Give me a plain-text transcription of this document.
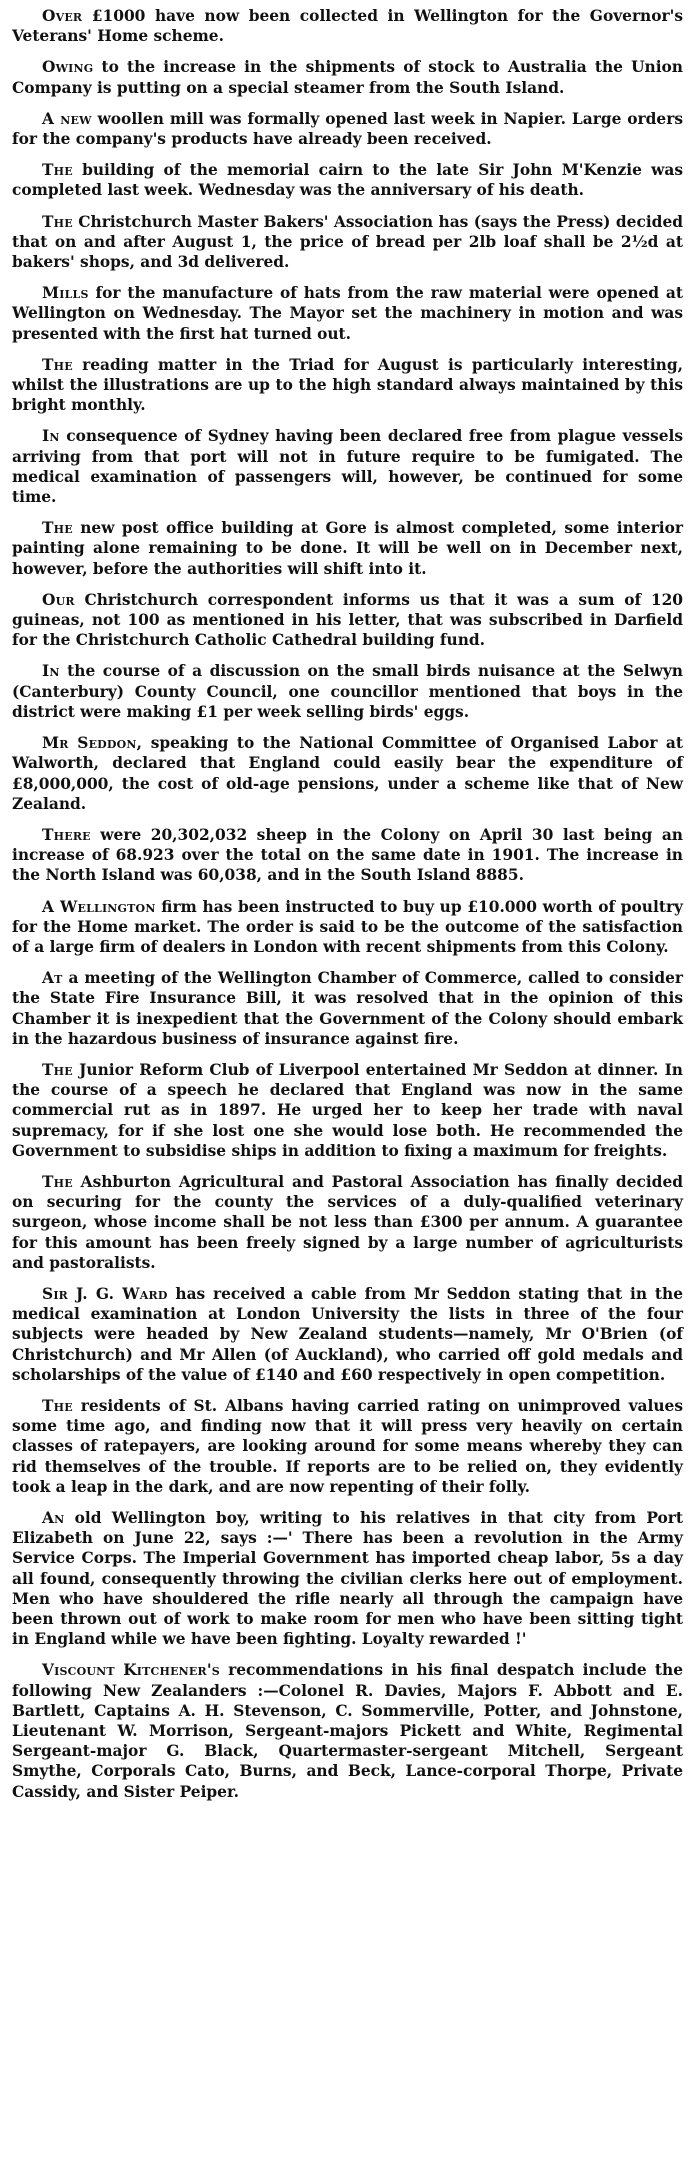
Over £1000 have now been collected in Wellington for the Governor's Veterans' Home scheme.

Owing to the increase in the shipments of stock to Australia the Union Company is putting on a special steamer from the South Island.

A new woollen mill was formally opened last week in Napier. Large orders for the company's products have already been received.

The building of the memorial cairn to the late Sir John M'Kenzie was completed last week. Wednesday was the anniversary of his death.

The Christchurch Master Bakers' Association has (says the Press) decided that on and after August 1, the price of bread per 2lb loaf shall be 2½d at bakers' shops, and 3d delivered.

Mills for the manufacture of hats from the raw material were opened at Wellington on Wednesday. The Mayor set the machinery in motion and was presented with the first hat turned out.

The reading matter in the Triad for August is particularly interesting, whilst the illustrations are up to the high standard always maintained by this bright monthly.

In consequence of Sydney having been declared free from plague vessels arriving from that port will not in future require to be fumigated. The medical examination of passengers will, however, be continued for some time.

The new post office building at Gore is almost completed, some interior painting alone remaining to be done. It will be well on in December next, however, before the authorities will shift into it.

Our Christchurch correspondent informs us that it was a sum of 120 guineas, not 100 as mentioned in his letter, that was subscribed in Darfield for the Christchurch Catholic Cathedral building fund.

In the course of a discussion on the small birds nuisance at the Selwyn (Canterbury) County Council, one councillor mentioned that boys in the district were making £1 per week selling birds' eggs.

Mr Seddon, speaking to the National Committee of Organised Labor at Walworth, declared that England could easily bear the expenditure of £8,000,000, the cost of old-age pensions, under a scheme like that of New Zealand.

There were 20,302,032 sheep in the Colony on April 30 last being an increase of 68.923 over the total on the same date in 1901. The increase in the North Island was 60,038, and in the South Island 8885.

A Wellington firm has been instructed to buy up £10.000 worth of poultry for the Home market. The order is said to be the outcome of the satisfaction of a large firm of dealers in London with recent shipments from this Colony.

At a meeting of the Wellington Chamber of Commerce, called to consider the State Fire Insurance Bill, it was resolved that in the opinion of this Chamber it is inexpedient that the Government of the Colony should embark in the hazardous business of insurance against fire.

The Junior Reform Club of Liverpool entertained Mr Seddon at dinner. In the course of a speech he declared that England was now in the same commercial rut as in 1897. He urged her to keep her trade with naval supremacy, for if she lost one she would lose both. He recommended the Government to subsidise ships in addition to fixing a maximum for freights.

The Ashburton Agricultural and Pastoral Association has finally decided on securing for the county the services of a duly-qualified veterinary surgeon, whose income shall be not less than £300 per annum. A guarantee for this amount has been freely signed by a large number of agriculturists and pastoralists.

Sir J. G. Ward has received a cable from Mr Seddon stating that in the medical examination at London University the lists in three of the four subjects were headed by New Zealand students—namely, Mr O'Brien (of Christchurch) and Mr Allen (of Auckland), who carried off gold medals and scholarships of the value of £140 and £60 respectively in open competition.

The residents of St. Albans having carried rating on unimproved values some time ago, and finding now that it will press very heavily on certain classes of ratepayers, are looking around for some means whereby they can rid themselves of the trouble. If reports are to be relied on, they evidently took a leap in the dark, and are now repenting of their folly.

An old Wellington boy, writing to his relatives in that city from Port Elizabeth on June 22, says :—' There has been a revolution in the Army Service Corps. The Imperial Government has imported cheap labor, 5s a day all found, consequently throwing the civilian clerks here out of employment. Men who have shouldered the rifle nearly all through the campaign have been thrown out of work to make room for men who have been sitting tight in England while we have been fighting. Loyalty rewarded !'

Viscount Kitchener's recommendations in his final despatch include the following New Zealanders :—Colonel R. Davies, Majors F. Abbott and E. Bartlett, Captains A. H. Stevenson, C. Sommerville, Potter, and Johnstone, Lieutenant W. Morrison, Sergeant-majors Pickett and White, Regimental Sergeant-major G. Black, Quartermaster-sergeant Mitchell, Sergeant Smythe, Corporals Cato, Burns, and Beck, Lance-corporal Thorpe, Private Cassidy, and Sister Peiper.
